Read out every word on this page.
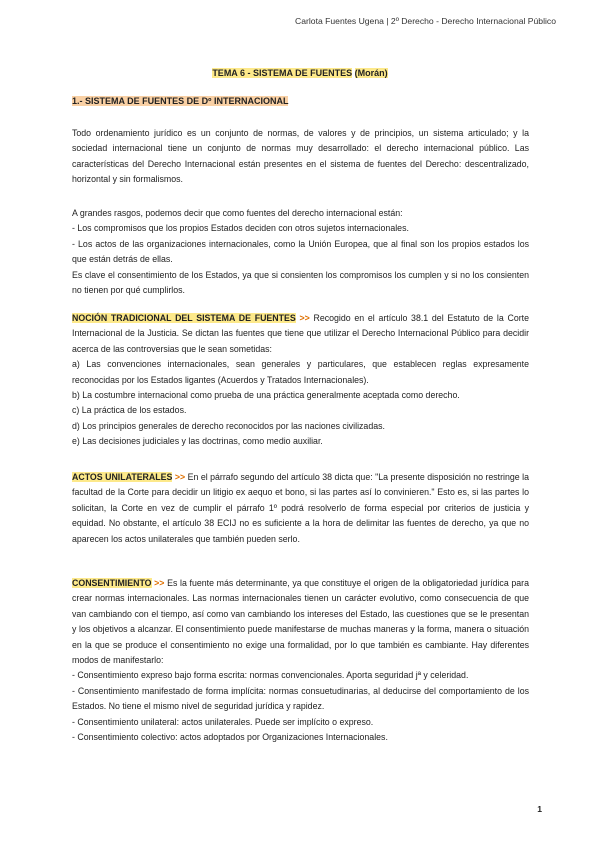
Carlota Fuentes Ugena | 2º Derecho - Derecho Internacional Público
TEMA 6 - SISTEMA DE FUENTES (Morán)
1.- SISTEMA DE FUENTES DE Dº INTERNACIONAL

Todo ordenamiento jurídico es un conjunto de normas, de valores y de principios, un sistema articulado; y la sociedad internacional tiene un conjunto de normas muy desarrollado: el derecho internacional público. Las características del Derecho Internacional están presentes en el sistema de fuentes del Derecho: descentralizado, horizontal y sin formalismos.

A grandes rasgos, podemos decir que como fuentes del derecho internacional están:

- Los compromisos que los propios Estados deciden con otros sujetos internacionales.

- Los actos de las organizaciones internacionales, como la Unión Europea, que al final son los propios estados los que están detrás de ellas.

Es clave el consentimiento de los Estados, ya que si consienten los compromisos los cumplen y si no los consienten no tienen por qué cumplirlos.

NOCIÓN TRADICIONAL DEL SISTEMA DE FUENTES >> Recogido en el artículo 38.1 del Estatuto de la Corte Internacional de la Justicia. Se dictan las fuentes que tiene que utilizar el Derecho Internacional Público para decidir acerca de las controversias que le sean sometidas:

a) Las convenciones internacionales, sean generales y particulares, que establecen reglas expresamente reconocidas por los Estados ligantes (Acuerdos y Tratados Internacionales).

b) La costumbre internacional como prueba de una práctica generalmente aceptada como derecho.

c) La práctica de los estados.

d) Los principios generales de derecho reconocidos por las naciones civilizadas.

e) Las decisiones judiciales y las doctrinas, como medio auxiliar.

ACTOS UNILATERALES >> En el párrafo segundo del artículo 38 dicta que: "La presente disposición no restringe la facultad de la Corte para decidir un litigio ex aequo et bono, si las partes así lo convinieren." Esto es, si las partes lo solicitan, la Corte en vez de cumplir el párrafo 1º podrá resolverlo de forma especial por criterios de justicia y equidad. No obstante, el artículo 38 ECIJ no es suficiente a la hora de delimitar las fuentes de derecho, ya que no aparecen los actos unilaterales que también pueden serlo.

CONSENTIMIENTO >> Es la fuente más determinante, ya que constituye el origen de la obligatoriedad jurídica para crear normas internacionales. Las normas internacionales tienen un carácter evolutivo, como consecuencia de que van cambiando con el tiempo, así como van cambiando los intereses del Estado, las cuestiones que se le presentan y los objetivos a alcanzar. El consentimiento puede manifestarse de muchas maneras y la forma, manera o situación en la que se produce el consentimiento no exige una formalidad, por lo que también es cambiante. Hay diferentes modos de manifestarlo:

- Consentimiento expreso bajo forma escrita: normas convencionales. Aporta seguridad jª y celeridad.

- Consentimiento manifestado de forma implícita: normas consuetudinarias, al deducirse del comportamiento de los Estados. No tiene el mismo nivel de seguridad jurídica y rapidez.

- Consentimiento unilateral: actos unilaterales. Puede ser implícito o expreso.

- Consentimiento colectivo: actos adoptados por Organizaciones Internacionales.

1
